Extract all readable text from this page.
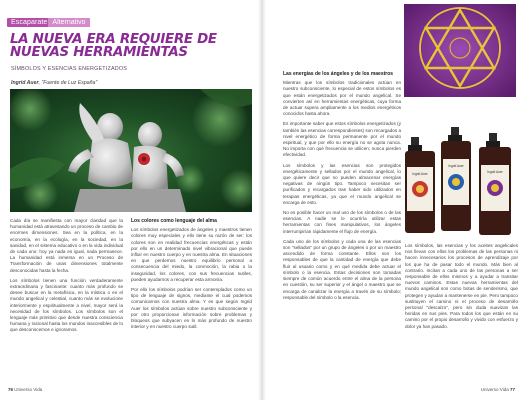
Escaparate Alternativo
LA NUEVA ERA REQUIERE DE NUEVAS HERRAMIENTAS
SÍMBOLOS Y ESENCIAS ENERGETIZADOS
Ingrid Auer, "Fuente de Luz España"

Cada día se manifiesta con mayor claridad que la humanidad está atravesando un proceso de cambio de enormes dimensiones. Sea en la política, en la economía, en la ecología, en la sociedad, en la sanidad, en el sistema educativo o en la vida individual de cada uno: hoy ya nada es igual, nada permanece. La humanidad está inmersa en un Proceso de Transformación de unas dimensiones totalmente desconocidas hasta la fecha.

Los símbolos tienen una función verdaderamente extraordinaria y fascinante: cuanto más profundo se desee buscar en la metafísica, en la mística o en el mundo angelical y celestial, cuanto más se evolucione interiormente y espiritualmente a nivel, mayor será la necesidad de los símbolos. Los símbolos son el lenguaje más primitivo que desde nuestra consciencia humana y racional hasta los mundos inaccesibles de lo que desconocemos e ignoramos.

Los colores como lenguaje del alma

Los símbolos energetizados de ángeles y maestros tienen colores muy especiales y ello tiene su razón de ser: los colores son en realidad frecuencias energéticas y están por ello en un determinado nivel vibracional que puede influir en nuestro cuerpo y en nuestra alma. En situaciones en que perdemos nuestro equilibrio personal a consecuencia del miedo, la conmoción, la rabia o la inseguridad, los colores, con sus frecuencias sutiles, pueden ayudarnos a recuperar esta armonía.

Por ello los símbolos podrían ser contemplados como un tipo de lenguaje de signos, mediante el cual podemos comunicarnos con nuestra alma. Y es que según Ingrid Auer los símbolos actúan sobre nuestro subconsciente y por otro proporcionan información sobre problemas y bloqueos que subyacen en lo más profundo de nuestro interior y en nuestro cuerpo sutil.

76 Universo Vida
Las energías de los ángeles y de los maestros

Mientras que los símbolos tradicionales actúan en nuestro subconsciente, lo especial de estos símbolos es que están energetizados por el mundo angelical. Se convierten así en herramientas energéticas, cuya forma de actuar supera ampliamente a los medios energéticos conocidos hasta ahora.

Es importante saber que estos símbolos energetizados (y también las esencias correspondientes) son recargados a nivel energético de forma permanente por el mundo espiritual, y que por ello su energía no se agota nunca. No importa con qué frecuencia se utilicen; nunca pierden efectividad.

Los símbolos y las esencias son protegidos energéticamente y sellados por el mundo angelical, lo que quiere decir que no pueden almacenar energías negativas de ningún tipo. Tampoco necesitan ser purificados y recargados tras haber sido utilizados en terapias energéticas, ya que el mundo angelical se encarga de esto.

No es posible hacer un mal uso de los símbolos o de las esencias. A nadie se le ocurriría utilizar estas herramientas con fines manipulativos, los ángeles interrumpirían rápidamente el flujo de energía.

Cada uno de los símbolos y cada una de las esencias son "sellados" por un grupo de ángeles o por un maestro ascendido de forma constante. Ellos son los responsables de que la cantidad de energía que debe fluir al usuario como y en qué medida debe actuar el símbolo o la esencia. Estas decisiones son tomadas siempre de común acuerdo entre el alma de la persona en cuestión, su ser superior y el ángel o maestro que se encarga de canalizar la energía a través de su símbolo; responsable del símbolo o la esencia.

Los símbolos, las esencias y los aceites angelicales nos llevan con ellos los problemas de las personas ni hacen innecesarios los procesos de aprendizaje por los que ha de pasar todo el mundo. Más bien al contrario. Incitan a cada uno de las personas a ser responsable de ellos mismos y a ayudar a transitar nuevos caminos. Estas nuevas herramientas del mundo angelical son como botas de senderismo, que protegen y ayudan a mantenerse en pie. Pero tampoco sustituyen el camino ni el proceso de desarrollo personal "descalzo", pero sin duda suavizan las heridas en sus pies. Para todos los que están en su camino por el propio desarrollo y vivido con esfuerzo y dolor ya han pasado.

Universo Vida 77
Ingrid Auer
Ingrid Auer
Ingrid Auer
